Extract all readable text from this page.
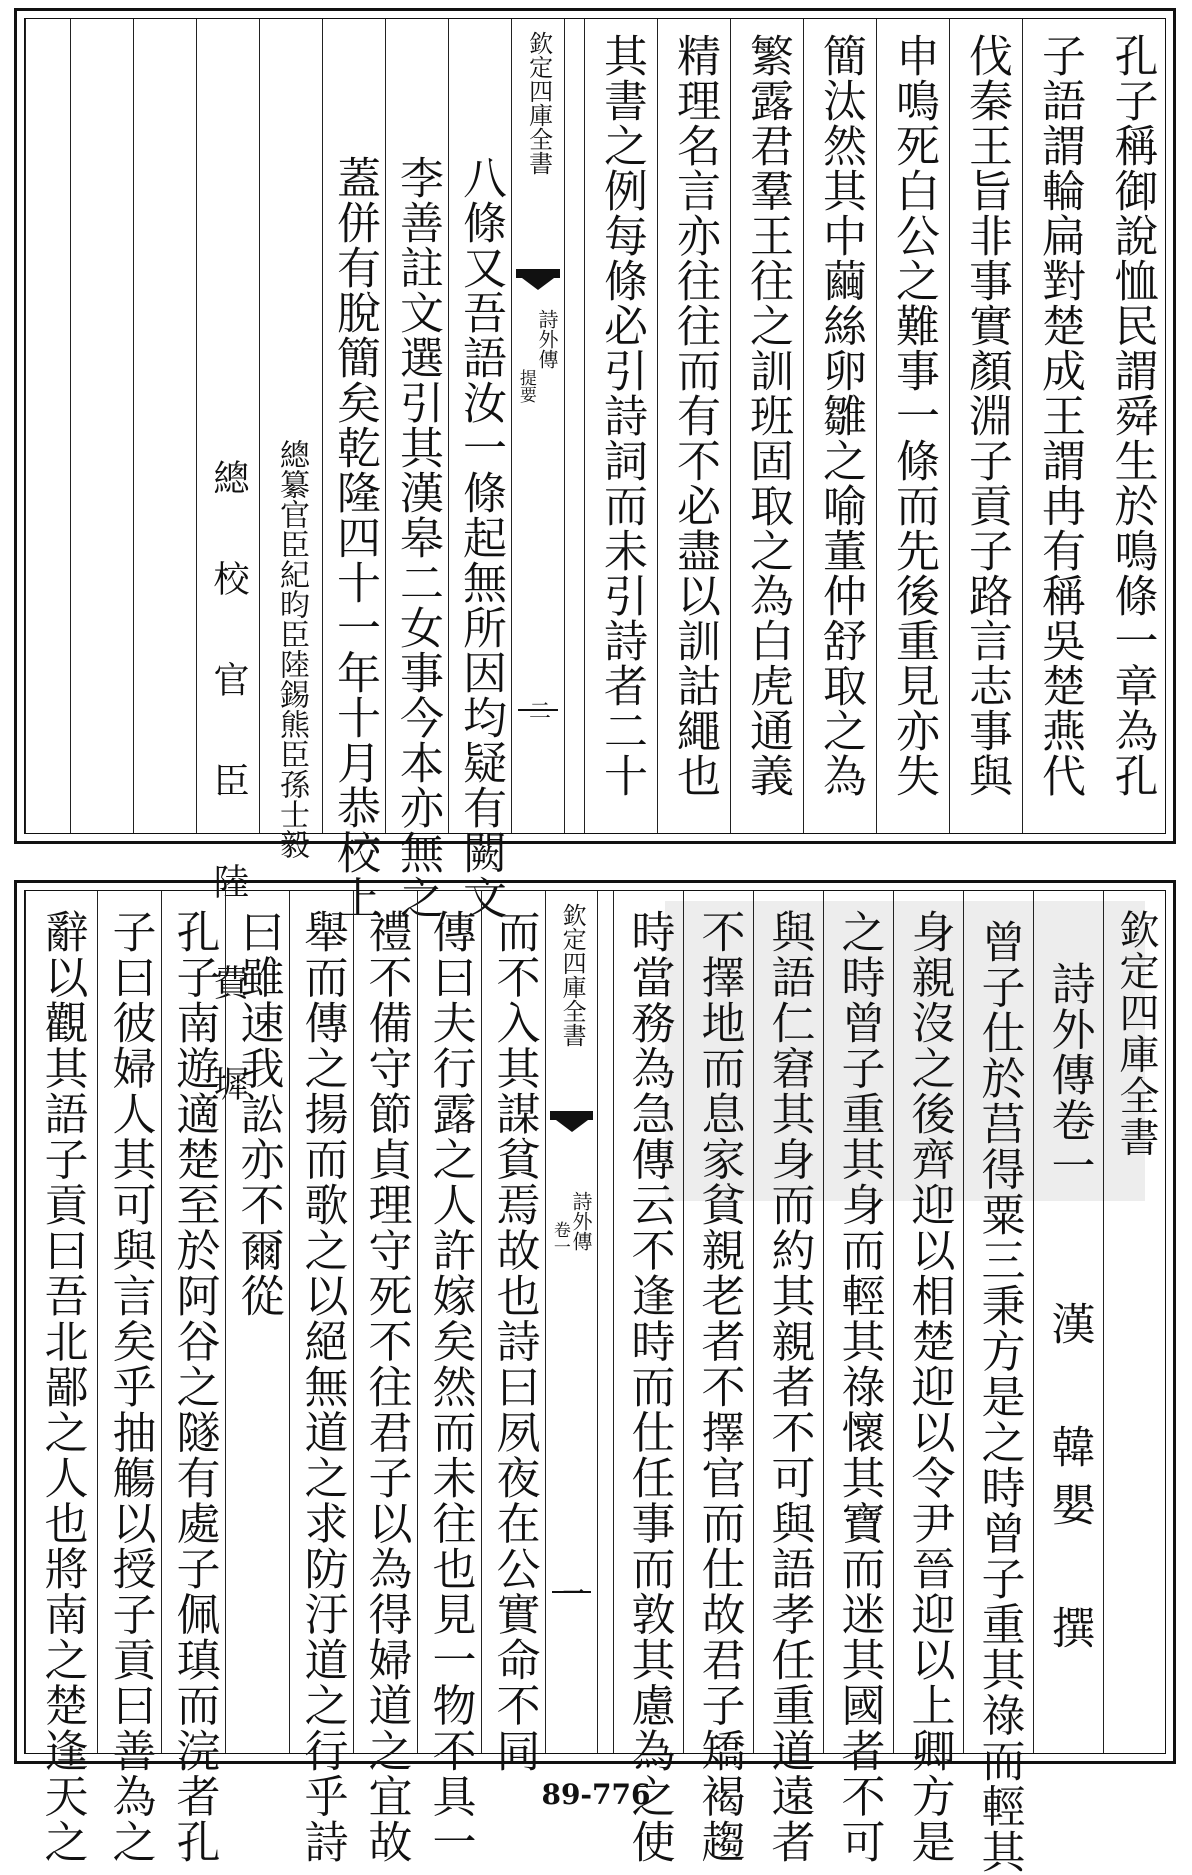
孔子稱御說恤民謂舜生於鳴條一章為孔
子語謂輪扁對楚成王謂冉有稱吳楚燕代
伐秦王旨非事實顏淵子貢子路言志事與
申鳴死白公之難事一條而先後重見亦失
簡汰然其中繭絲卵雛之喻董仲舒取之為
繁露君羣王往之訓班固取之為白虎通義
精理名言亦往往而有不必盡以訓詁繩也
其書之例每條必引詩詞而未引詩者二十
欽定四庫全書
詩外傳
提要
二
八條又吾語汝一條起無所因均疑有闕文
李善註文選引其漢皋二女事今本亦無之
蓋併有脫簡矣乾隆四十一年十月恭校上
總纂官臣紀昀臣陸錫熊臣孫士毅
總 校 官 臣 陸 費 墀	欽定四庫全書
詩外傳卷一
漢 韓嬰 撰
曾子仕於莒得粟三秉方是之時曾子重其祿而輕其
身親沒之後齊迎以相楚迎以令尹晉迎以上卿方是
之時曾子重其身而輕其祿懷其寶而迷其國者不可
與語仁窘其身而約其親者不可與語孝任重道遠者
不擇地而息家貧親老者不擇官而仕故君子矯褐趨
時當務為急傳云不逢時而仕任事而敦其慮為之使
欽定四庫全書
詩外傳
卷一
一
而不入其謀貧焉故也詩曰夙夜在公實命不同
傳曰夫行露之人許嫁矣然而未往也見一物不具一
禮不備守節貞理守死不往君子以為得婦道之宜故
舉而傳之揚而歌之以絕無道之求防汙道之行乎詩
曰雖速我訟亦不爾從
孔子南遊適楚至於阿谷之隧有處子佩瑱而浣者孔
子曰彼婦人其可與言矣乎抽觴以授子貢曰善為之
辭以觀其語子貢曰吾北鄙之人也將南之楚逢天之	89-776
